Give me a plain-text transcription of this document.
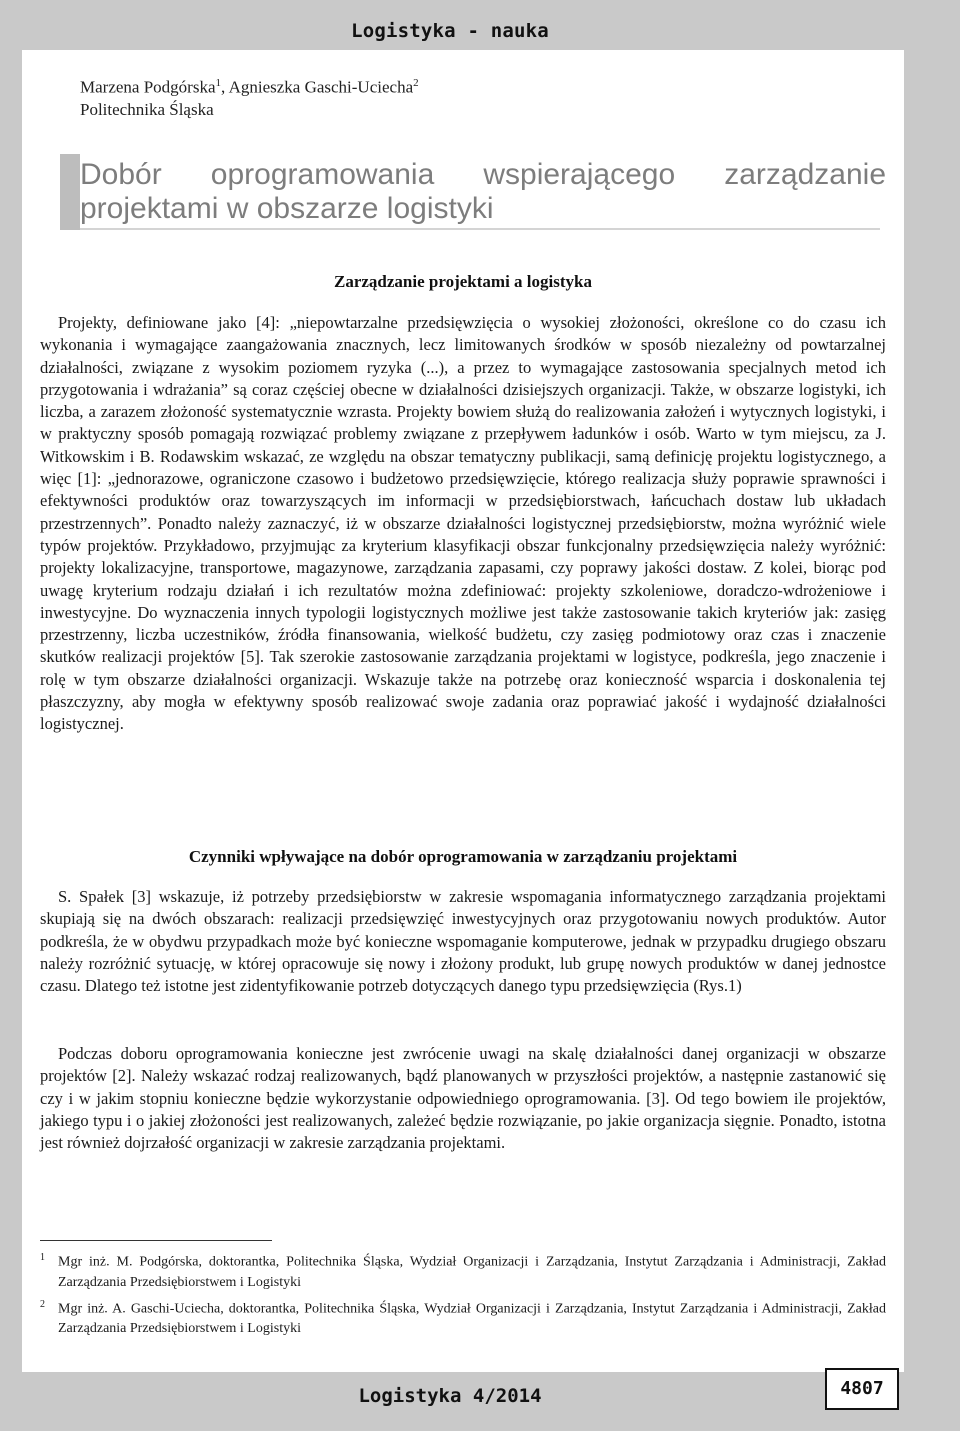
Logistyka - nauka
Marzena Podgórska$^1$, Agnieszka Gaschi-Uciecha$^2$
Politechnika Śląska
Dobór oprogramowania wspierającego zarządzanie projektami w obszarze logistyki
Zarządzanie projektami a logistyka
Projekty, definiowane jako [4]: „niepowtarzalne przedsięwzięcia o wysokiej złożoności, określone co do czasu ich wykonania i wymagające zaangażowania znacznych, lecz limitowanych środków w sposób niezależny od powtarzalnej działalności, związane z wysokim poziomem ryzyka (...), a przez to wymagające zastosowania specjalnych metod ich przygotowania i wdrażania” są coraz częściej obecne w działalności dzisiejszych organizacji. Także, w obszarze logistyki, ich liczba, a zarazem złożoność systematycznie wzrasta. Projekty bowiem służą do realizowania założeń i wytycznych logistyki, i w praktyczny sposób pomagają rozwiązać problemy związane z przepływem ładunków i osób. Warto w tym miejscu, za J. Witkowskim i B. Rodawskim wskazać, ze względu na obszar tematyczny publikacji, samą definicję projektu logistycznego, a więc [1]: „jednorazowe, ograniczone czasowo i budżetowo przedsięwzięcie, którego realizacja służy poprawie sprawności i efektywności produktów oraz towarzyszących im informacji w przedsiębiorstwach, łańcuchach dostaw lub układach przestrzennych”. Ponadto należy zaznaczyć, iż w obszarze działalności logistycznej przedsiębiorstw, można wyróżnić wiele typów projektów. Przykładowo, przyjmując za kryterium klasyfikacji obszar funkcjonalny przedsięwzięcia należy wyróżnić: projekty lokalizacyjne, transportowe, magazynowe, zarządzania zapasami, czy poprawy jakości dostaw. Z kolei, biorąc pod uwagę kryterium rodzaju działań i ich rezultatów można zdefiniować: projekty szkoleniowe, doradczo-wdrożeniowe i inwestycyjne. Do wyznaczenia innych typologii logistycznych możliwe jest także zastosowanie takich kryteriów jak: zasięg przestrzenny, liczba uczestników, źródła finansowania, wielkość budżetu, czy zasięg podmiotowy oraz czas i znaczenie skutków realizacji projektów [5]. Tak szerokie zastosowanie zarządzania projektami w logistyce, podkreśla, jego znaczenie i rolę w tym obszarze działalności organizacji. Wskazuje także na potrzebę oraz konieczność wsparcia i doskonalenia tej płaszczyzny, aby mogła w efektywny sposób realizować swoje zadania oraz poprawiać jakość i wydajność działalności logistycznej.
Czynniki wpływające na dobór oprogramowania w zarządzaniu projektami
S. Spałek [3] wskazuje, iż potrzeby przedsiębiorstw w zakresie wspomagania informatycznego zarządzania projektami skupiają się na dwóch obszarach: realizacji przedsięwzięć inwestycyjnych oraz przygotowaniu nowych produktów. Autor podkreśla, że w obydwu przypadkach może być konieczne wspomaganie komputerowe, jednak w przypadku drugiego obszaru należy rozróżnić sytuację, w której opracowuje się nowy i złożony produkt, lub grupę nowych produktów w danej jednostce czasu. Dlatego też istotne jest zidentyfikowanie potrzeb dotyczących danego typu przedsięwzięcia (Rys.1)
Podczas doboru oprogramowania konieczne jest zwrócenie uwagi na skalę działalności danej organizacji w obszarze projektów [2]. Należy wskazać rodzaj realizowanych, bądź planowanych w przyszłości projektów, a następnie zastanowić się czy i w jakim stopniu konieczne będzie wykorzystanie odpowiedniego oprogramowania. [3]. Od tego bowiem ile projektów, jakiego typu i o jakiej złożoności jest realizowanych, zależeć będzie rozwiązanie, po jakie organizacja sięgnie. Ponadto, istotna jest również dojrzałość organizacji w zakresie zarządzania projektami.
$^1$ Mgr inż. M. Podgórska, doktorantka, Politechnika Śląska, Wydział Organizacji i Zarządzania, Instytut Zarządzania i Administracji, Zakład Zarządzania Przedsiębiorstwem i Logistyki
$^2$ Mgr inż. A. Gaschi-Uciecha, doktorantka, Politechnika Śląska, Wydział Organizacji i Zarządzania, Instytut Zarządzania i Administracji, Zakład Zarządzania Przedsiębiorstwem i Logistyki
Logistyka 4/2014	4807
